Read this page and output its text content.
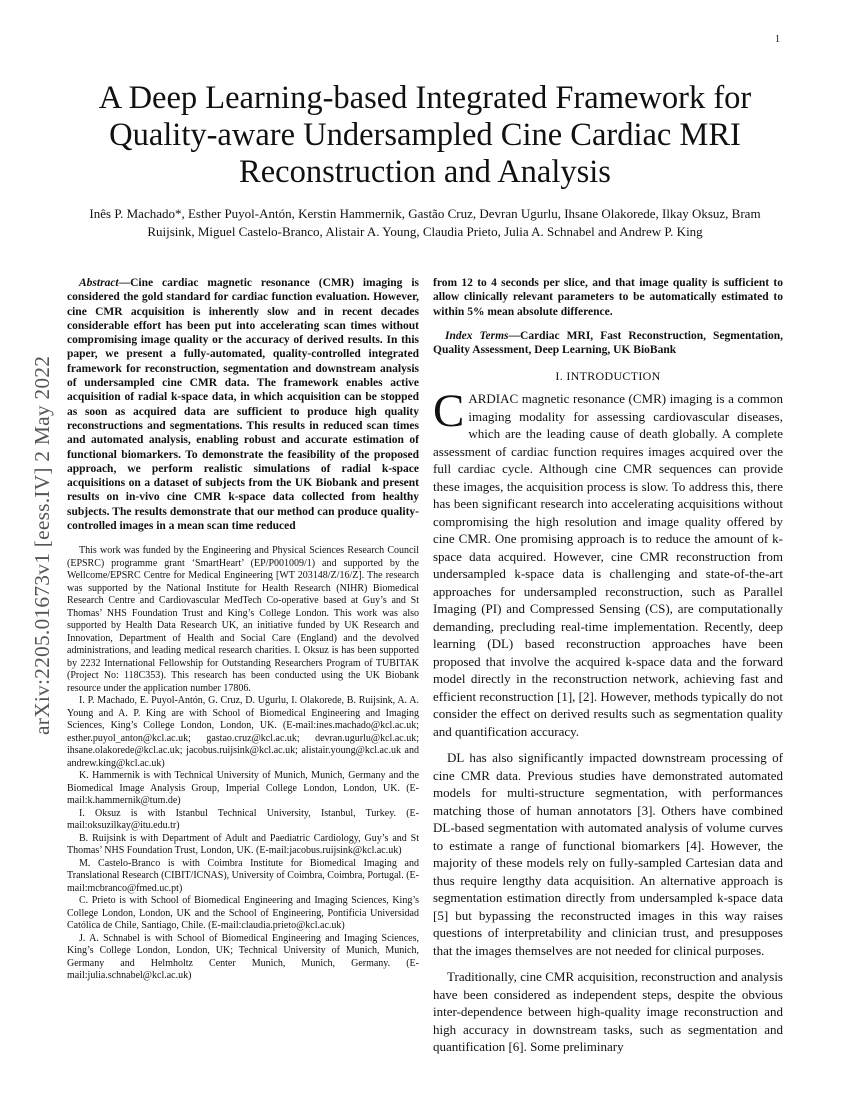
1
arXiv:2205.01673v1 [eess.IV] 2 May 2022
A Deep Learning-based Integrated Framework for Quality-aware Undersampled Cine Cardiac MRI Reconstruction and Analysis
Inês P. Machado*, Esther Puyol-Antón, Kerstin Hammernik, Gastão Cruz, Devran Ugurlu, Ihsane Olakorede, Ilkay Oksuz, Bram Ruijsink, Miguel Castelo-Branco, Alistair A. Young, Claudia Prieto, Julia A. Schnabel and Andrew P. King

Abstract—Cine cardiac magnetic resonance (CMR) imaging is considered the gold standard for cardiac function evaluation. However, cine CMR acquisition is inherently slow and in recent decades considerable effort has been put into accelerating scan times without compromising image quality or the accuracy of derived results. In this paper, we present a fully-automated, quality-controlled integrated framework for reconstruction, segmentation and downstream analysis of undersampled cine CMR data. The framework enables active acquisition of radial k-space data, in which acquisition can be stopped as soon as acquired data are sufficient to produce high quality reconstructions and segmentations. This results in reduced scan times and automated analysis, enabling robust and accurate estimation of functional biomarkers. To demonstrate the feasibility of the proposed approach, we perform realistic simulations of radial k-space acquisitions on a dataset of subjects from the UK Biobank and present results on in-vivo cine CMR k-space data collected from healthy subjects. The results demonstrate that our method can produce quality-controlled images in a mean scan time reduced

This work was funded by the Engineering and Physical Sciences Research Council (EPSRC) programme grant ‘SmartHeart’ (EP/P001009/1) and supported by the Wellcome/EPSRC Centre for Medical Engineering [WT 203148/Z/16/Z]. The research was supported by the National Institute for Health Research (NIHR) Biomedical Research Centre and Cardiovascular MedTech Co-operative based at Guy’s and St Thomas’ NHS Foundation Trust and King’s College London. This work was also supported by Health Data Research UK, an initiative funded by UK Research and Innovation, Department of Health and Social Care (England) and the devolved administrations, and leading medical research charities. I. Oksuz is has been supported by 2232 International Fellowship for Outstanding Researchers Program of TUBITAK (Project No: 118C353). This research has been conducted using the UK Biobank resource under the application number 17806.

I. P. Machado, E. Puyol-Antón, G. Cruz, D. Ugurlu, I. Olakorede, B. Ruijsink, A. A. Young and A. P. King are with School of Biomedical Engineering and Imaging Sciences, King’s College London, London, UK. (E-mail:ines.machado@kcl.ac.uk; esther.puyol_anton@kcl.ac.uk; gastao.cruz@kcl.ac.uk; devran.ugurlu@kcl.ac.uk; ihsane.olakorede@kcl.ac.uk; jacobus.ruijsink@kcl.ac.uk; alistair.young@kcl.ac.uk and andrew.king@kcl.ac.uk)

K. Hammernik is with Technical University of Munich, Munich, Germany and the Biomedical Image Analysis Group, Imperial College London, London, UK. (E-mail:k.hammernik@tum.de)

I. Oksuz is with Istanbul Technical University, Istanbul, Turkey. (E-mail:oksuzilkay@itu.edu.tr)

B. Ruijsink is with Department of Adult and Paediatric Cardiology, Guy’s and St Thomas’ NHS Foundation Trust, London, UK. (E-mail:jacobus.ruijsink@kcl.ac.uk)

M. Castelo-Branco is with Coimbra Institute for Biomedical Imaging and Translational Research (CIBIT/ICNAS), University of Coimbra, Coimbra, Portugal. (E-mail:mcbranco@fmed.uc.pt)

C. Prieto is with School of Biomedical Engineering and Imaging Sciences, King’s College London, London, UK and the School of Engineering, Pontificia Universidad Católica de Chile, Santiago, Chile. (E-mail:claudia.prieto@kcl.ac.uk)

J. A. Schnabel is with School of Biomedical Engineering and Imaging Sciences, King’s College London, London, UK; Technical University of Munich, Munich, Germany and Helmholtz Center Munich, Munich, Germany. (E-mail:julia.schnabel@kcl.ac.uk)

from 12 to 4 seconds per slice, and that image quality is sufficient to allow clinically relevant parameters to be automatically estimated to within 5% mean absolute difference.

Index Terms—Cardiac MRI, Fast Reconstruction, Segmentation, Quality Assessment, Deep Learning, UK BioBank

I. INTRODUCTION

CARDIAC magnetic resonance (CMR) imaging is a common imaging modality for assessing cardiovascular diseases, which are the leading cause of death globally. A complete assessment of cardiac function requires images acquired over the full cardiac cycle. Although cine CMR sequences can provide these images, the acquisition process is slow. To address this, there has been significant research into accelerating acquisitions without compromising the high resolution and image quality offered by cine CMR. One promising approach is to reduce the amount of k-space data acquired. However, cine CMR reconstruction from undersampled k-space data is challenging and state-of-the-art approaches for undersampled reconstruction, such as Parallel Imaging (PI) and Compressed Sensing (CS), are computationally demanding, precluding real-time implementation. Recently, deep learning (DL) based reconstruction approaches have been proposed that involve the acquired k-space data and the forward model directly in the reconstruction network, achieving fast and efficient reconstruction [1], [2]. However, methods typically do not consider the effect on derived results such as segmentation quality and quantification accuracy.

DL has also significantly impacted downstream processing of cine CMR data. Previous studies have demonstrated automated models for multi-structure segmentation, with performances matching those of human annotators [3]. Others have combined DL-based segmentation with automated analysis of volume curves to estimate a range of functional biomarkers [4]. However, the majority of these models rely on fully-sampled Cartesian data and thus require lengthy data acquisition. An alternative approach is segmentation estimation directly from undersampled k-space data [5] but bypassing the reconstructed images in this way raises questions of interpretability and clinician trust, and presupposes that the images themselves are not needed for clinical purposes.

Traditionally, cine CMR acquisition, reconstruction and analysis have been considered as independent steps, despite the obvious inter-dependence between high-quality image reconstruction and high accuracy in downstream tasks, such as segmentation and quantification [6]. Some preliminary
